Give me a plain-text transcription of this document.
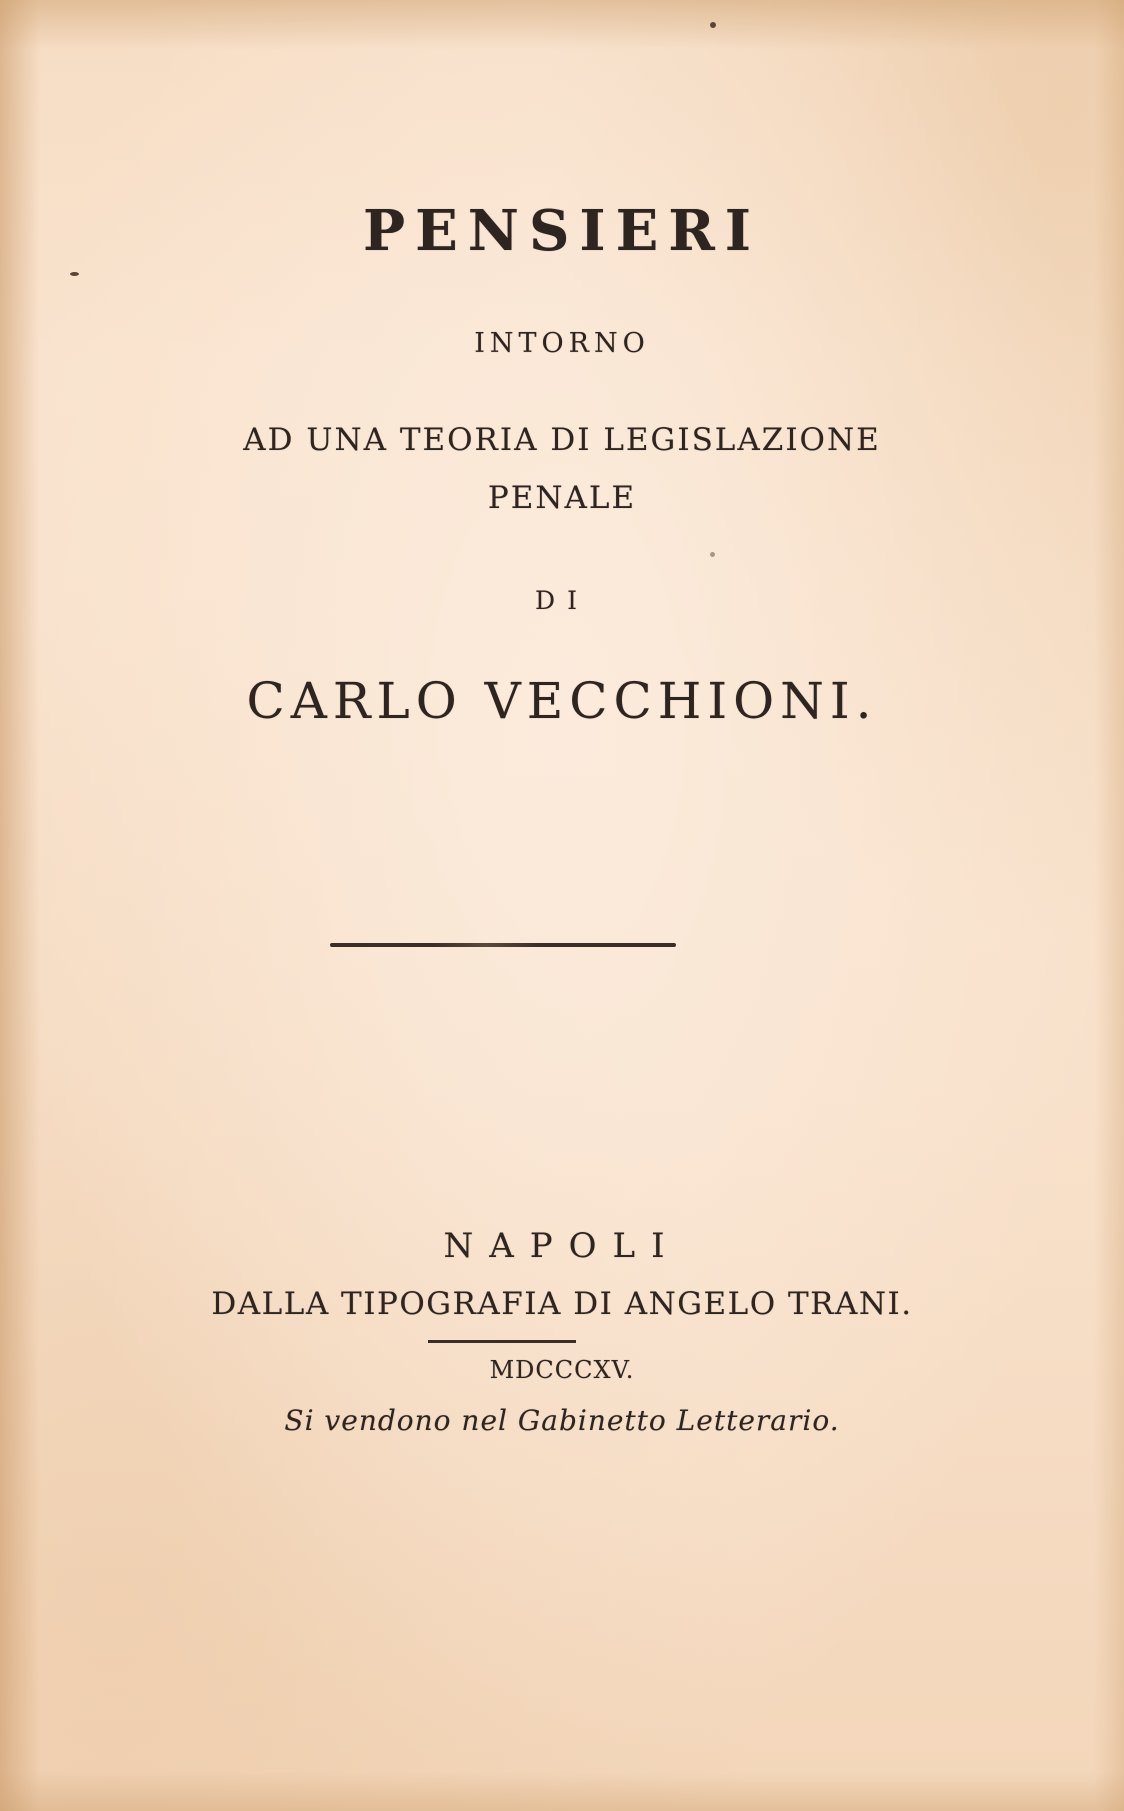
PENSIERI
INTORNO
AD UNA TEORIA DI LEGISLAZIONE
PENALE
DI
CARLO VECCHIONI.
NAPOLI
DALLA TIPOGRAFIA DI ANGELO TRANI.
MDCCCXV.
Si vendono nel Gabinetto Letterario.
